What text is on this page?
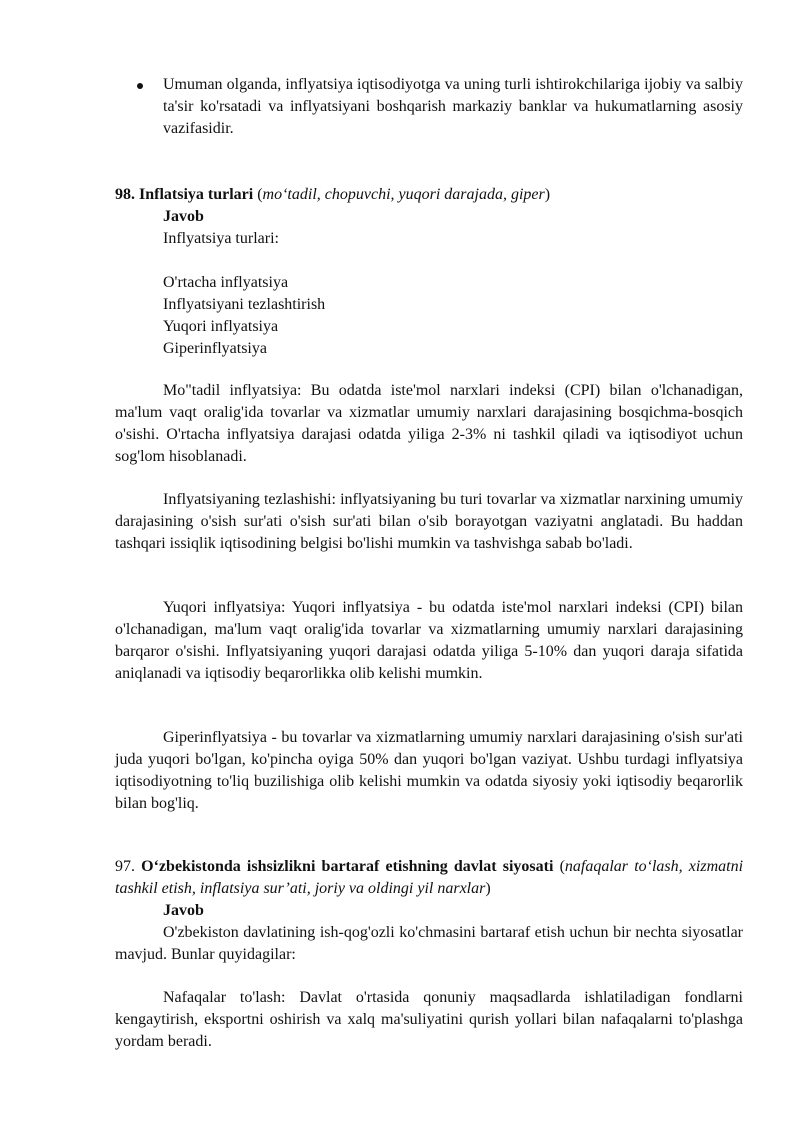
Umuman olganda, inflyatsiya iqtisodiyotga va uning turli ishtirokchilariga ijobiy va salbiy ta'sir ko'rsatadi va inflyatsiyani boshqarish markaziy banklar va hukumatlarning asosiy vazifasidir.
98. Inflatsiya turlari (mo‘tadil, chopuvchi, yuqori darajada, giper)
Javob
Inflyatsiya turlari:
O'rtacha inflyatsiya
Inflyatsiyani tezlashtirish
Yuqori inflyatsiya
Giperinflyatsiya
Mo"tadil inflyatsiya: Bu odatda iste'mol narxlari indeksi (CPI) bilan o'lchanadigan, ma'lum vaqt oralig'ida tovarlar va xizmatlar umumiy narxlari darajasining bosqichma-bosqich o'sishi. O'rtacha inflyatsiya darajasi odatda yiliga 2-3% ni tashkil qiladi va iqtisodiyot uchun sog'lom hisoblanadi.
Inflyatsiyaning tezlashishi: inflyatsiyaning bu turi tovarlar va xizmatlar narxining umumiy darajasining o'sish sur'ati o'sish sur'ati bilan o'sib borayotgan vaziyatni anglatadi. Bu haddan tashqari issiqlik iqtisodining belgisi bo'lishi mumkin va tashvishga sabab bo'ladi.
Yuqori inflyatsiya: Yuqori inflyatsiya - bu odatda iste'mol narxlari indeksi (CPI) bilan o'lchanadigan, ma'lum vaqt oralig'ida tovarlar va xizmatlarning umumiy narxlari darajasining barqaror o'sishi. Inflyatsiyaning yuqori darajasi odatda yiliga 5-10% dan yuqori daraja sifatida aniqlanadi va iqtisodiy beqarorlikka olib kelishi mumkin.
Giperinflyatsiya - bu tovarlar va xizmatlarning umumiy narxlari darajasining o'sish sur'ati juda yuqori bo'lgan, ko'pincha oyiga 50% dan yuqori bo'lgan vaziyat. Ushbu turdagi inflyatsiya iqtisodiyotning to'liq buzilishiga olib kelishi mumkin va odatda siyosiy yoki iqtisodiy beqarorlik bilan bog'liq.
97. O‘zbekistonda ishsizlikni bartaraf etishning davlat siyosati (nafaqalar to‘lash, xizmatni tashkil etish, inflatsiya sur’ati, joriy va oldingi yil narxlar)
Javob
O'zbekiston davlatining ish-qog'ozli ko'chmasini bartaraf etish uchun bir nechta siyosatlar mavjud. Bunlar quyidagilar:
Nafaqalar to'lash: Davlat o'rtasida qonuniy maqsadlarda ishlatiladigan fondlarni kengaytirish, eksportni oshirish va xalq ma'suliyatini qurish yollari bilan nafaqalarni to'plashga yordam beradi.
